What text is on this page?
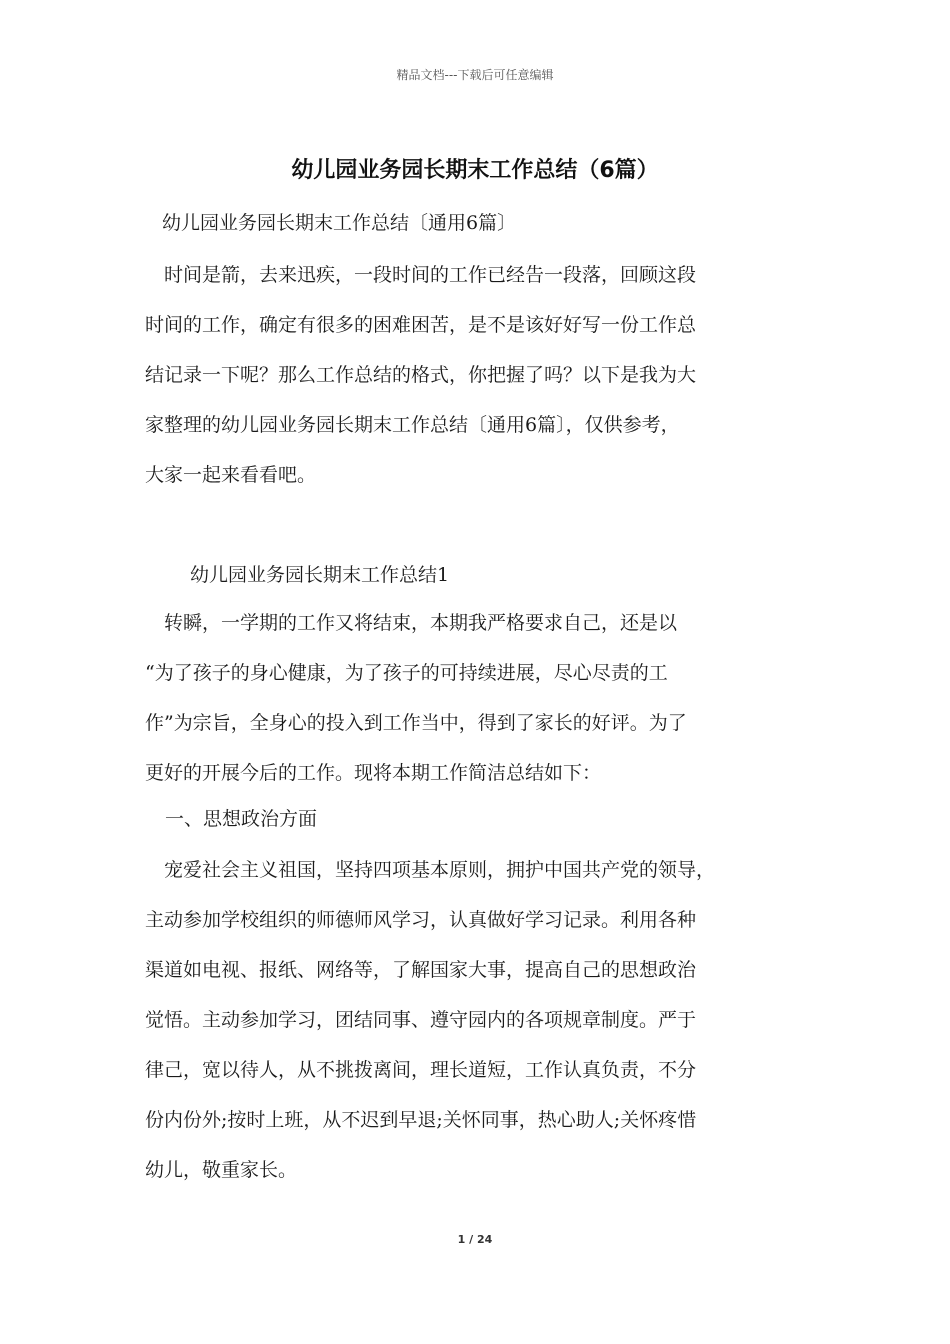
精品文档---下载后可任意编辑
幼儿园业务园长期末工作总结（6篇）
幼儿园业务园长期末工作总结〔通用6篇〕
　时间是箭，去来迅疾，一段时间的工作已经告一段落，回顾这段
时间的工作，确定有很多的困难困苦，是不是该好好写一份工作总
结记录一下呢？那么工作总结的格式，你把握了吗？以下是我为大
家整理的幼儿园业务园长期末工作总结〔通用6篇〕，仅供参考，
大家一起来看看吧。
幼儿园业务园长期末工作总结1
　转瞬，一学期的工作又将结束，本期我严格要求自己，还是以
“为了孩子的身心健康，为了孩子的可持续进展，尽心尽责的工
作”为宗旨，全身心的投入到工作当中，得到了家长的好评。为了
更好的开展今后的工作。现将本期工作简洁总结如下：
一、思想政治方面
　宠爱社会主义祖国，坚持四项基本原则，拥护中国共产党的领导，
主动参加学校组织的师德师风学习，认真做好学习记录。利用各种
渠道如电视、报纸、网络等，了解国家大事，提高自己的思想政治
觉悟。主动参加学习，团结同事、遵守园内的各项规章制度。严于
律己，宽以待人，从不挑拨离间，理长道短，工作认真负责，不分
份内份外;按时上班，从不迟到早退;关怀同事，热心助人;关怀疼惜
幼儿，敬重家长。
1 / 24
